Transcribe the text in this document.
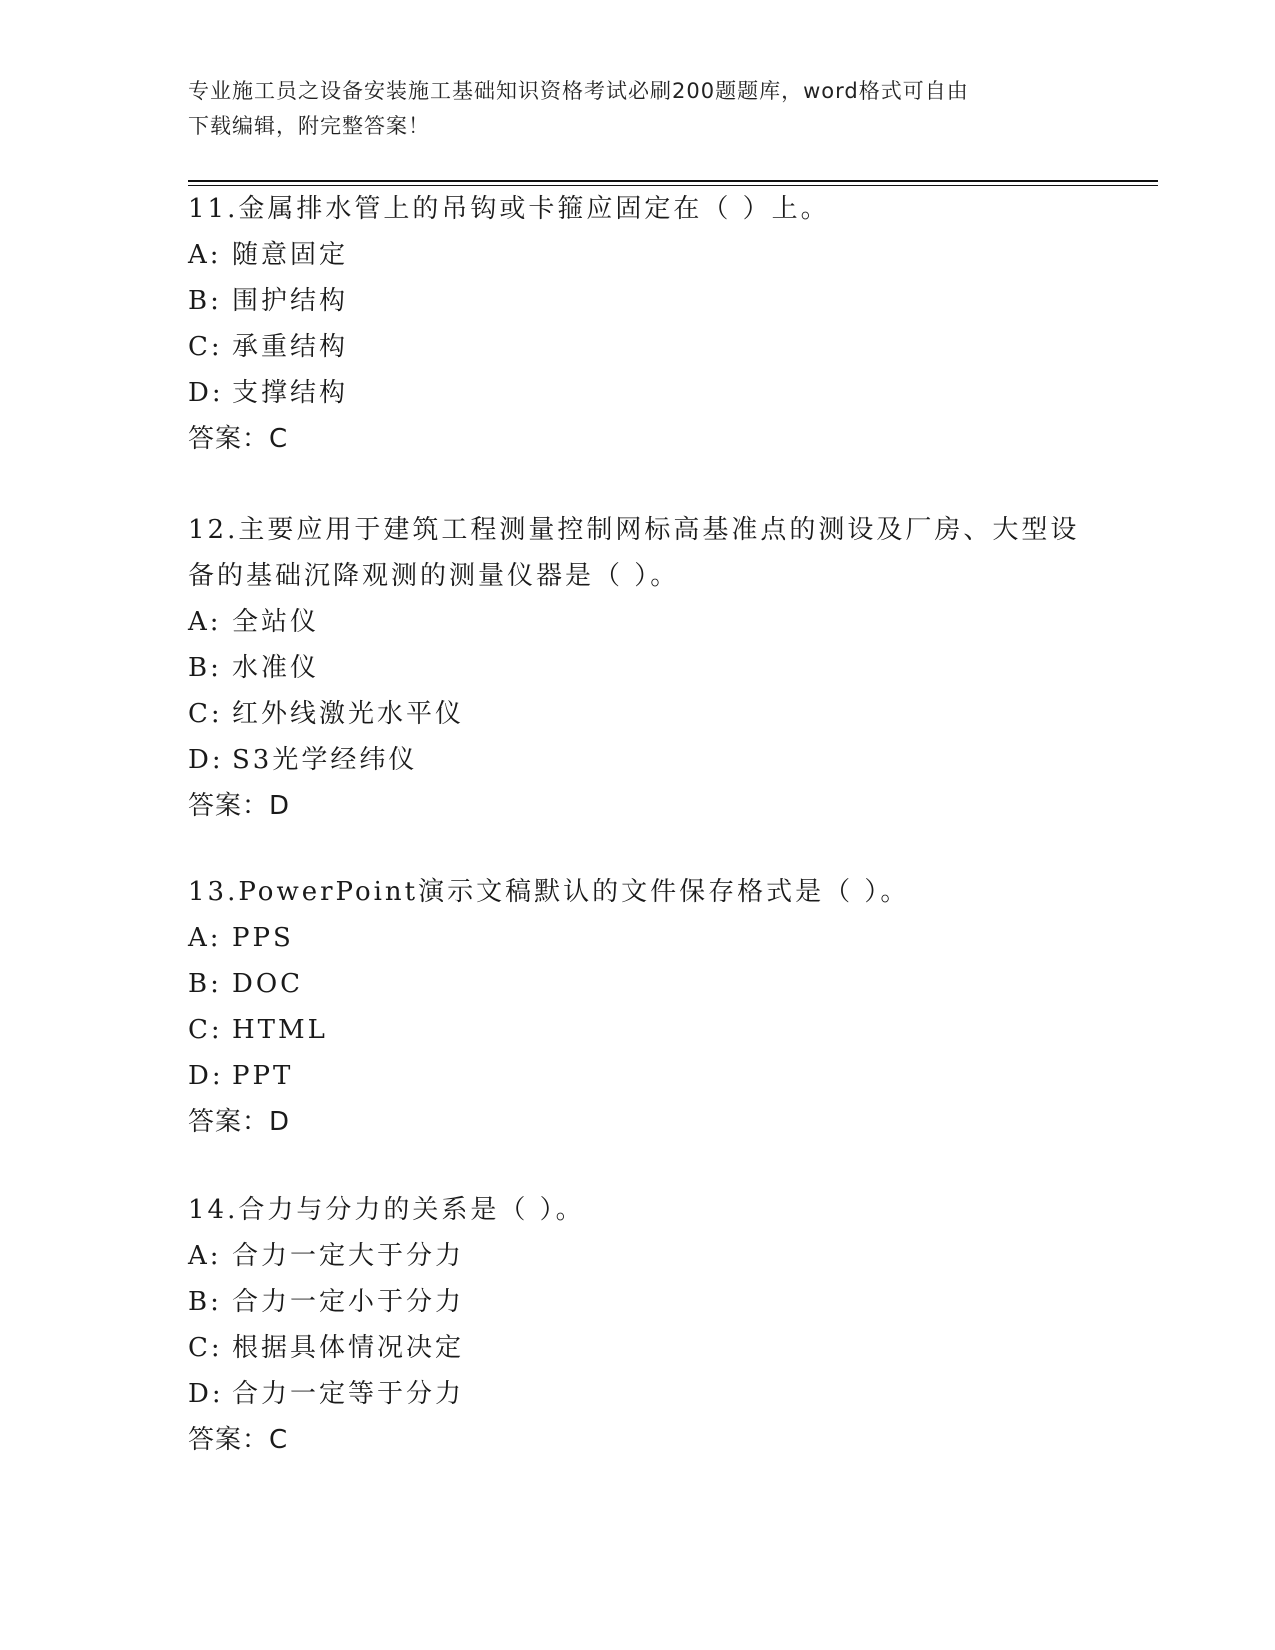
专业施工员之设备安装施工基础知识资格考试必刷200题题库，word格式可自由
下载编辑，附完整答案！

11.金属排水管上的吊钩或卡箍应固定在（ ）上。

A: 随意固定

B: 围护结构

C: 承重结构

D: 支撑结构

答案：C

12.主要应用于建筑工程测量控制网标高基准点的测设及厂房、大型设

备的基础沉降观测的测量仪器是（ ）。

A: 全站仪

B: 水准仪

C: 红外线激光水平仪

D: S3光学经纬仪

答案：D

13.PowerPoint演示文稿默认的文件保存格式是（ ）。

A: PPS

B: DOC

C: HTML

D: PPT

答案：D

14.合力与分力的关系是（ ）。

A: 合力一定大于分力

B: 合力一定小于分力

C: 根据具体情况决定

D: 合力一定等于分力

答案：C
